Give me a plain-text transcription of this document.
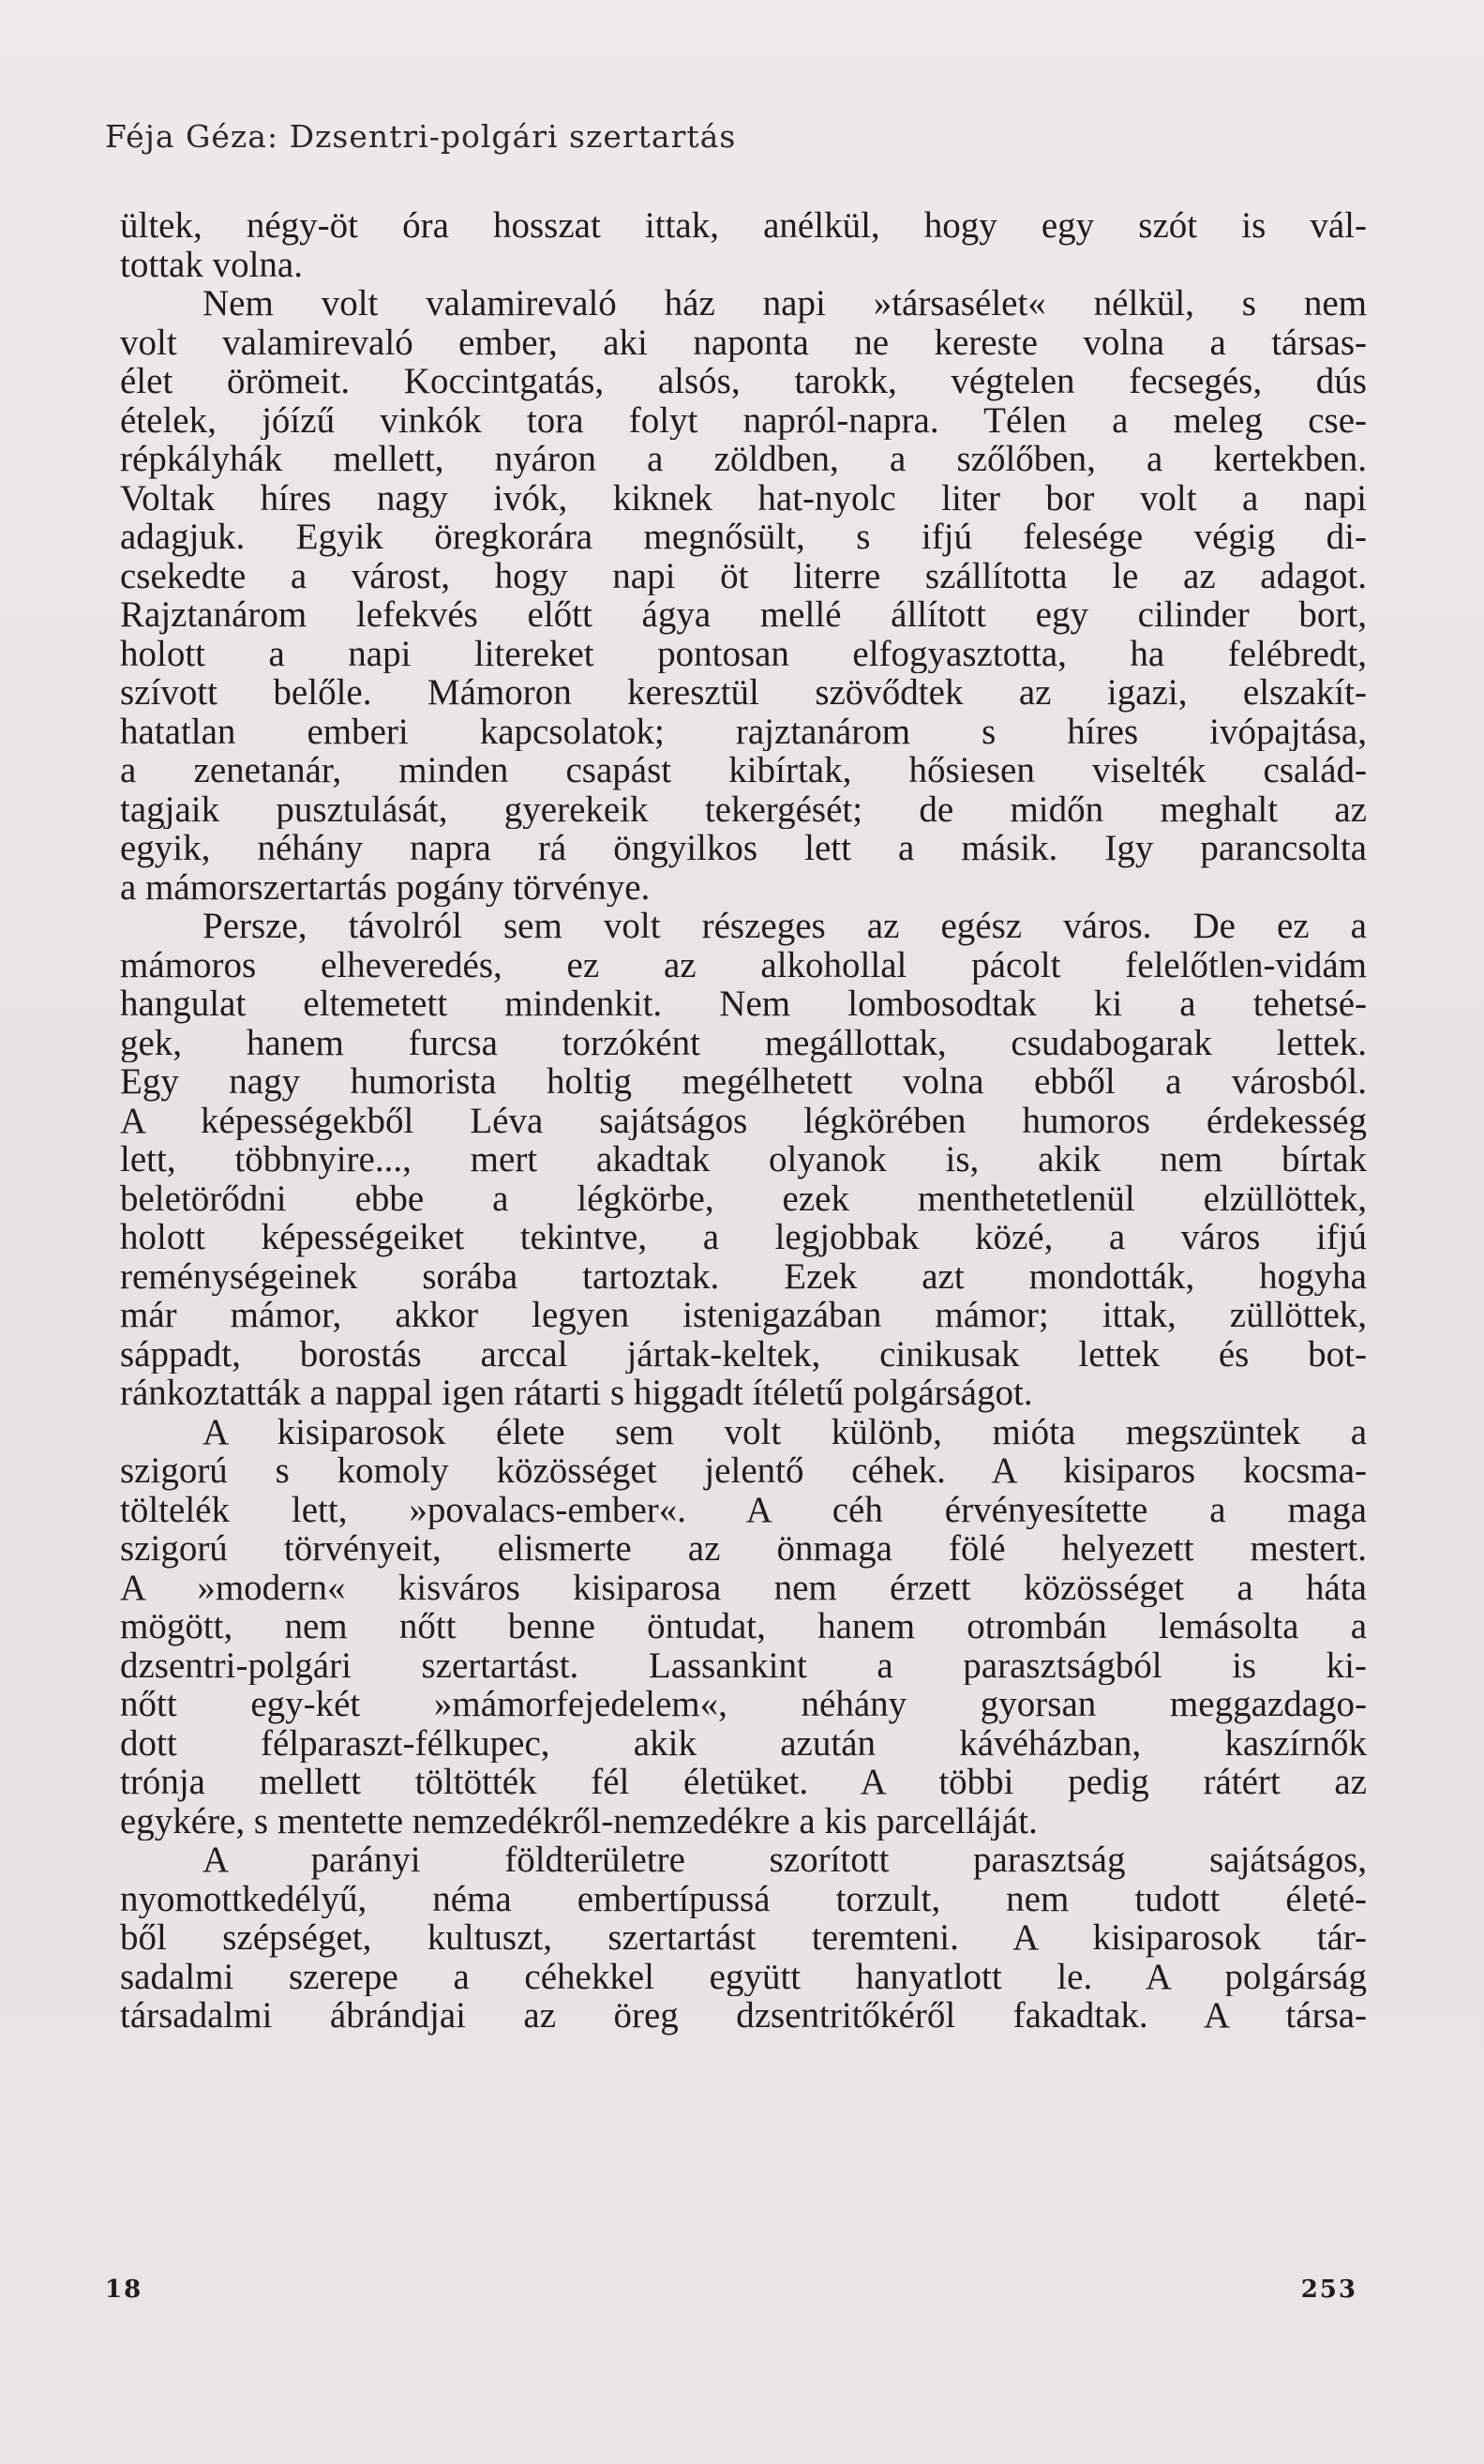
Féja Géza: Dzsentri-polgári szertartás
ültek, négy-öt óra hosszat ittak, anélkül, hogy egy szót is vál-
tottak volna.
Nem volt valamirevaló ház napi »társasélet« nélkül, s nem
volt valamirevaló ember, aki naponta ne kereste volna a társas-
élet örömeit. Koccintgatás, alsós, tarokk, végtelen fecsegés, dús
ételek, jóízű vinkók tora folyt napról-napra. Télen a meleg cse-
répkályhák mellett, nyáron a zöldben, a szőlőben, a kertekben.
Voltak híres nagy ivók, kiknek hat-nyolc liter bor volt a napi
adagjuk. Egyik öregkorára megnősült, s ifjú felesége végig di-
csekedte a várost, hogy napi öt literre szállította le az adagot.
Rajztanárom lefekvés előtt ágya mellé állított egy cilinder bort,
holott a napi litereket pontosan elfogyasztotta, ha felébredt,
szívott belőle. Mámoron keresztül szövődtek az igazi, elszakít-
hatatlan emberi kapcsolatok; rajztanárom s híres ivópajtása,
a zenetanár, minden csapást kibírtak, hősiesen viselték család-
tagjaik pusztulását, gyerekeik tekergését; de midőn meghalt az
egyik, néhány napra rá öngyilkos lett a másik. Igy parancsolta
a mámorszertartás pogány törvénye.
Persze, távolról sem volt részeges az egész város. De ez a
mámoros elheveredés, ez az alkohollal pácolt felelőtlen-vidám
hangulat eltemetett mindenkit. Nem lombosodtak ki a tehetsé-
gek, hanem furcsa torzóként megállottak, csudabogarak lettek.
Egy nagy humorista holtig megélhetett volna ebből a városból.
A képességekből Léva sajátságos légkörében humoros érdekesség
lett, többnyire..., mert akadtak olyanok is, akik nem bírtak
beletörődni ebbe a légkörbe, ezek menthetetlenül elzüllöttek,
holott képességeiket tekintve, a legjobbak közé, a város ifjú
reménységeinek sorába tartoztak. Ezek azt mondották, hogyha
már mámor, akkor legyen istenigazában mámor; ittak, züllöttek,
sáppadt, borostás arccal jártak-keltek, cinikusak lettek és bot-
ránkoztatták a nappal igen rátarti s higgadt ítéletű polgárságot.
A kisiparosok élete sem volt különb, mióta megszüntek a
szigorú s komoly közösséget jelentő céhek. A kisiparos kocsma-
töltelék lett, »povalacs-ember«. A céh érvényesítette a maga
szigorú törvényeit, elismerte az önmaga fölé helyezett mestert.
A »modern« kisváros kisiparosa nem érzett közösséget a háta
mögött, nem nőtt benne öntudat, hanem otrombán lemásolta a
dzsentri-polgári szertartást. Lassankint a parasztságból is ki-
nőtt egy-két »mámorfejedelem«, néhány gyorsan meggazdago-
dott félparaszt-félkupec, akik azután kávéházban, kaszírnők
trónja mellett töltötték fél életüket. A többi pedig rátért az
egykére, s mentette nemzedékről-nemzedékre a kis parcelláját.
A parányi földterületre szorított parasztság sajátságos,
nyomottkedélyű, néma embertípussá torzult, nem tudott életé-
ből szépséget, kultuszt, szertartást teremteni. A kisiparosok tár-
sadalmi szerepe a céhekkel együtt hanyatlott le. A polgárság
társadalmi ábrándjai az öreg dzsentritőkéről fakadtak. A társa-
18	253
